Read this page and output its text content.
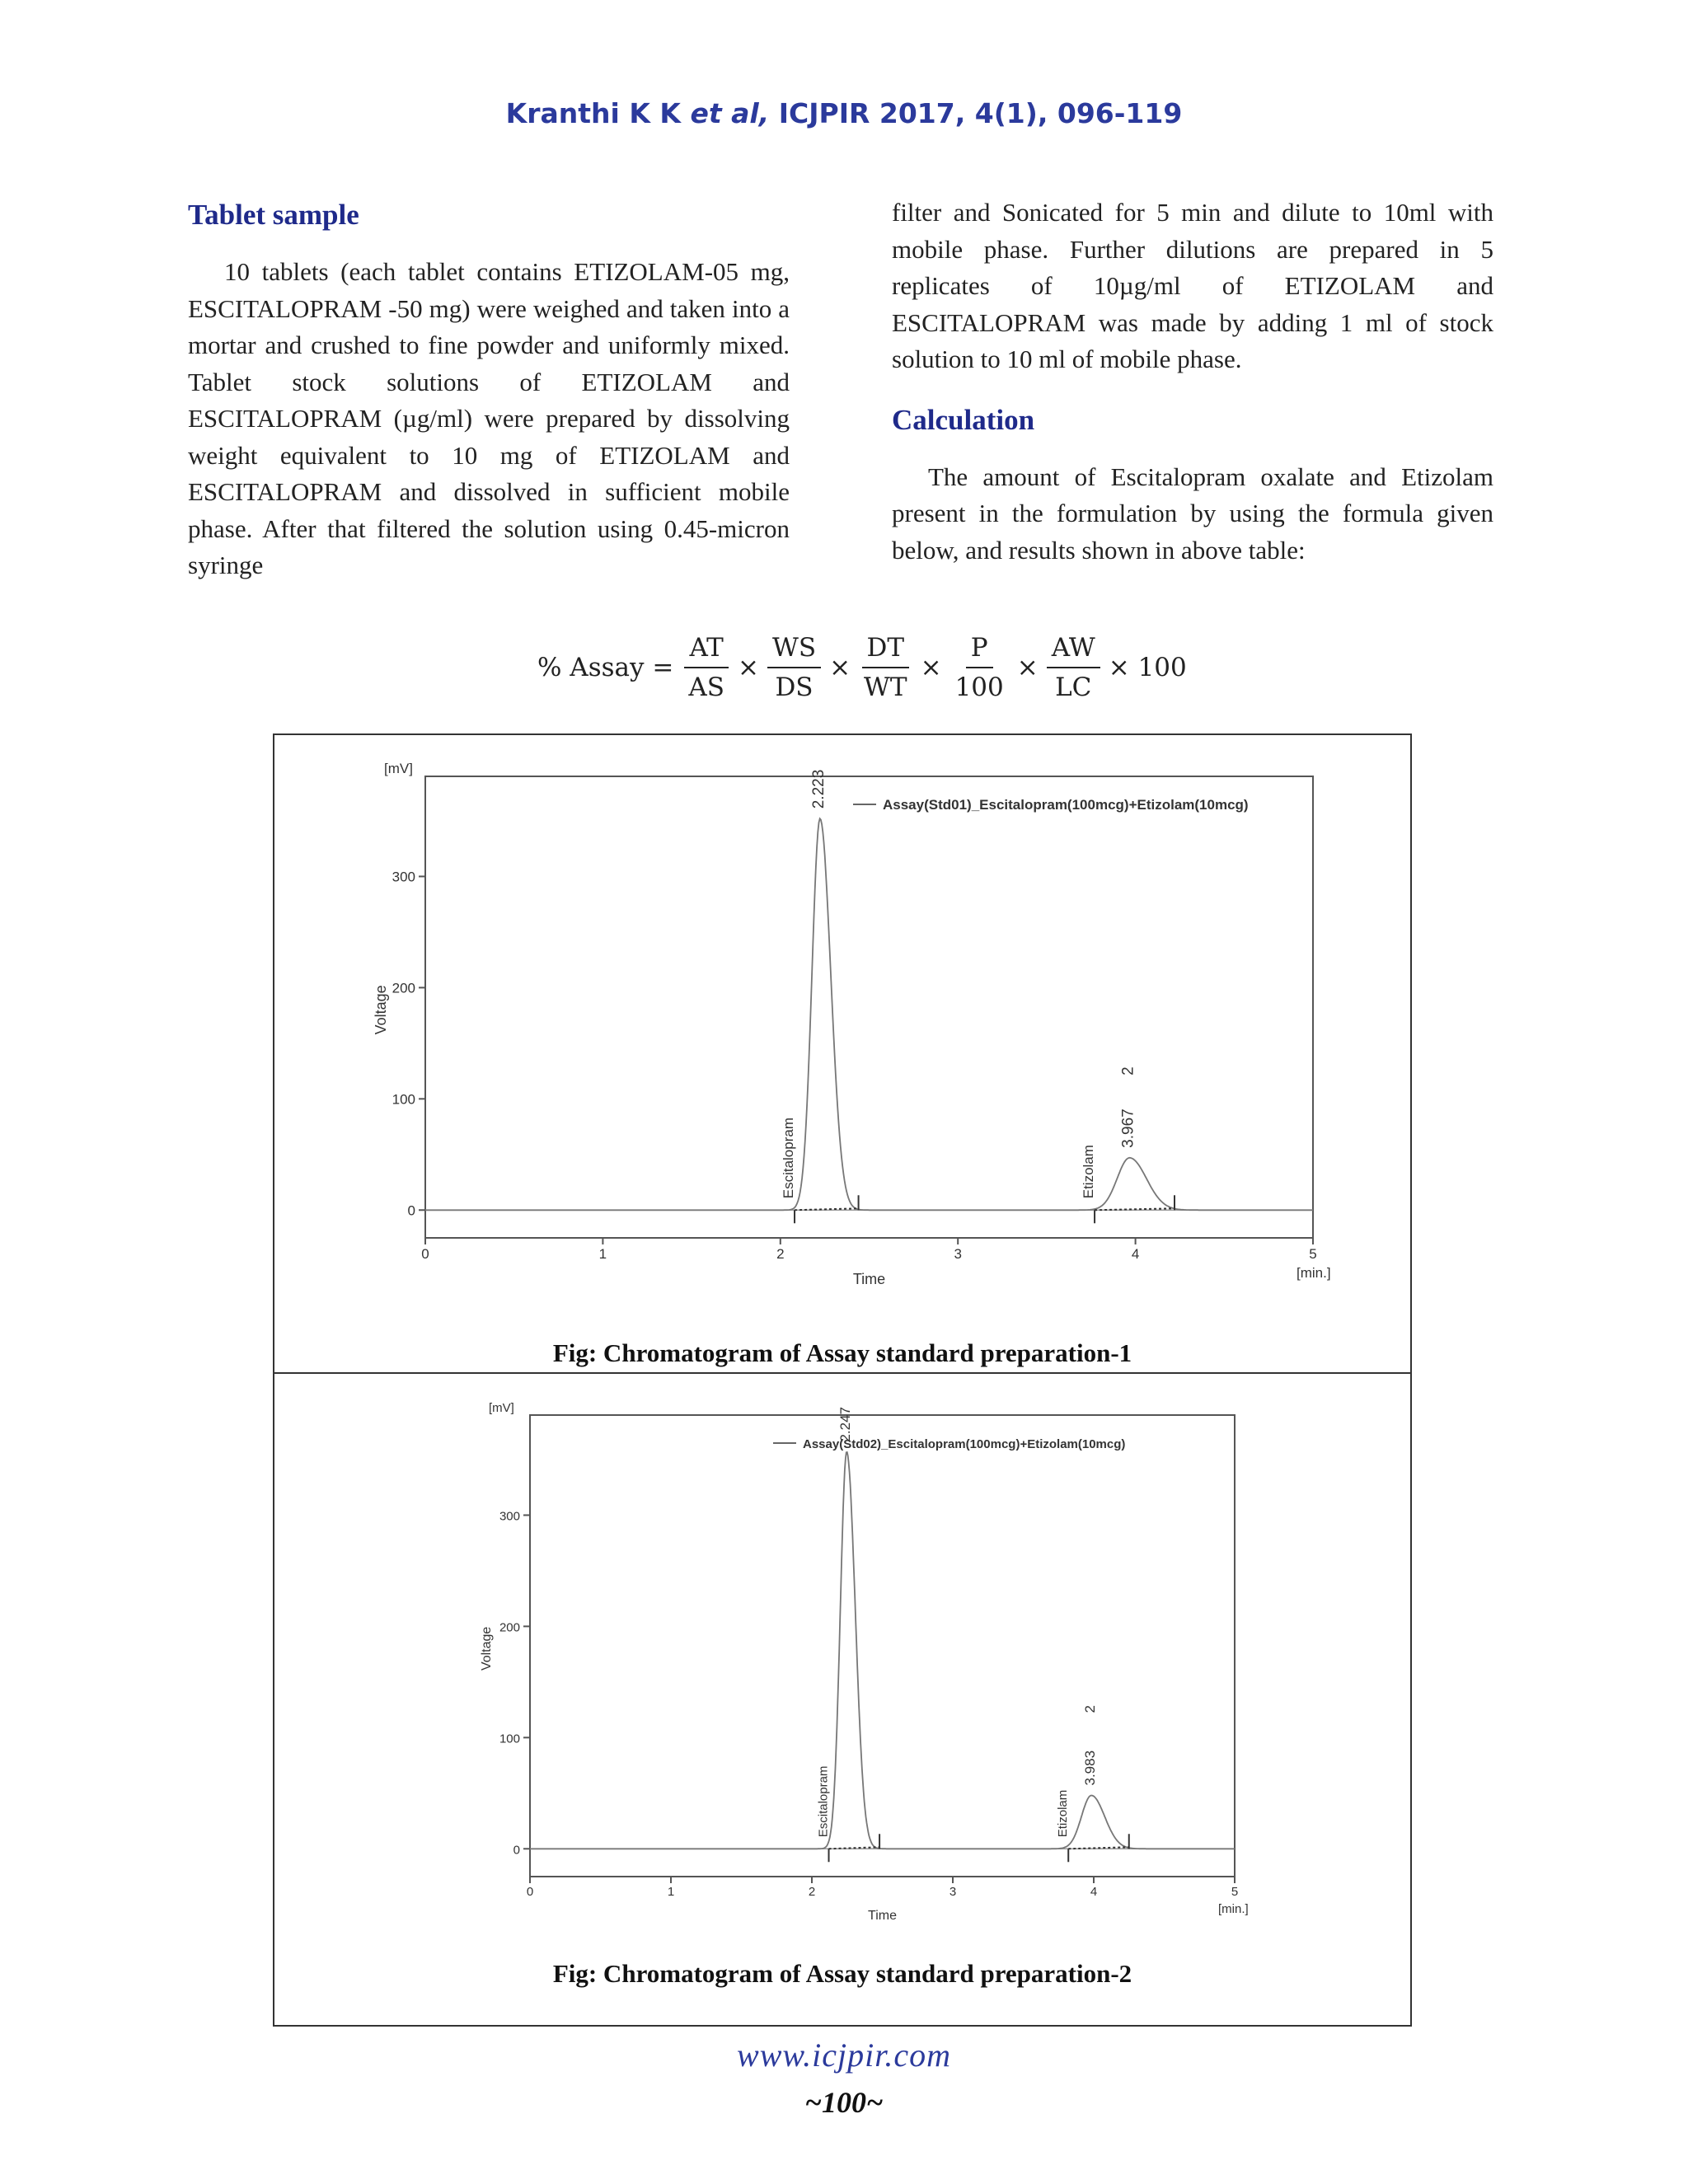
Kranthi K K et al, ICJPIR 2017, 4(1), 096-119
Tablet sample

10 tablets (each tablet contains ETIZOLAM-05 mg, ESCITALOPRAM -50 mg) were weighed and taken into a mortar and crushed to fine powder and uniformly mixed. Tablet stock solutions of ETIZOLAM and ESCITALOPRAM (µg/ml) were prepared by dissolving weight equivalent to 10 mg of ETIZOLAM and ESCITALOPRAM and dissolved in sufficient mobile phase. After that filtered the solution using 0.45-micron syringe

filter and Sonicated for 5 min and dilute to 10ml with mobile phase. Further dilutions are prepared in 5 replicates of 10µg/ml of ETIZOLAM and ESCITALOPRAM was made by adding 1 ml of stock solution to 10 ml of mobile phase.

Calculation

The amount of Escitalopram oxalate and Etizolam present in the formulation by using the formula given below, and results shown in above table:

% Assay = $\frac{AT}{AS} \times \frac{WS}{DS} \times \frac{DT}{WT} \times \frac{P}{100} \times \frac{AW}{LC} \times 100$
0
100
200
300
0	1	2	3	4	5
[mV]
[min.]
Time
Voltage
Assay(Std01)_Escitalopram(100mcg)+Etizolam(10mcg)
Escitalopram
2.223
Etizolam
3.967
2
Fig: Chromatogram of Assay standard preparation-1
0
100
200
300
0	1	2	3	4	5
[mV]
[min.]
Time
Voltage
Assay(Std02)_Escitalopram(100mcg)+Etizolam(10mcg)
Escitalopram
2.247
Etizolam
3.983
2
Fig: Chromatogram of Assay standard preparation-2
www.icjpir.com
~100~
